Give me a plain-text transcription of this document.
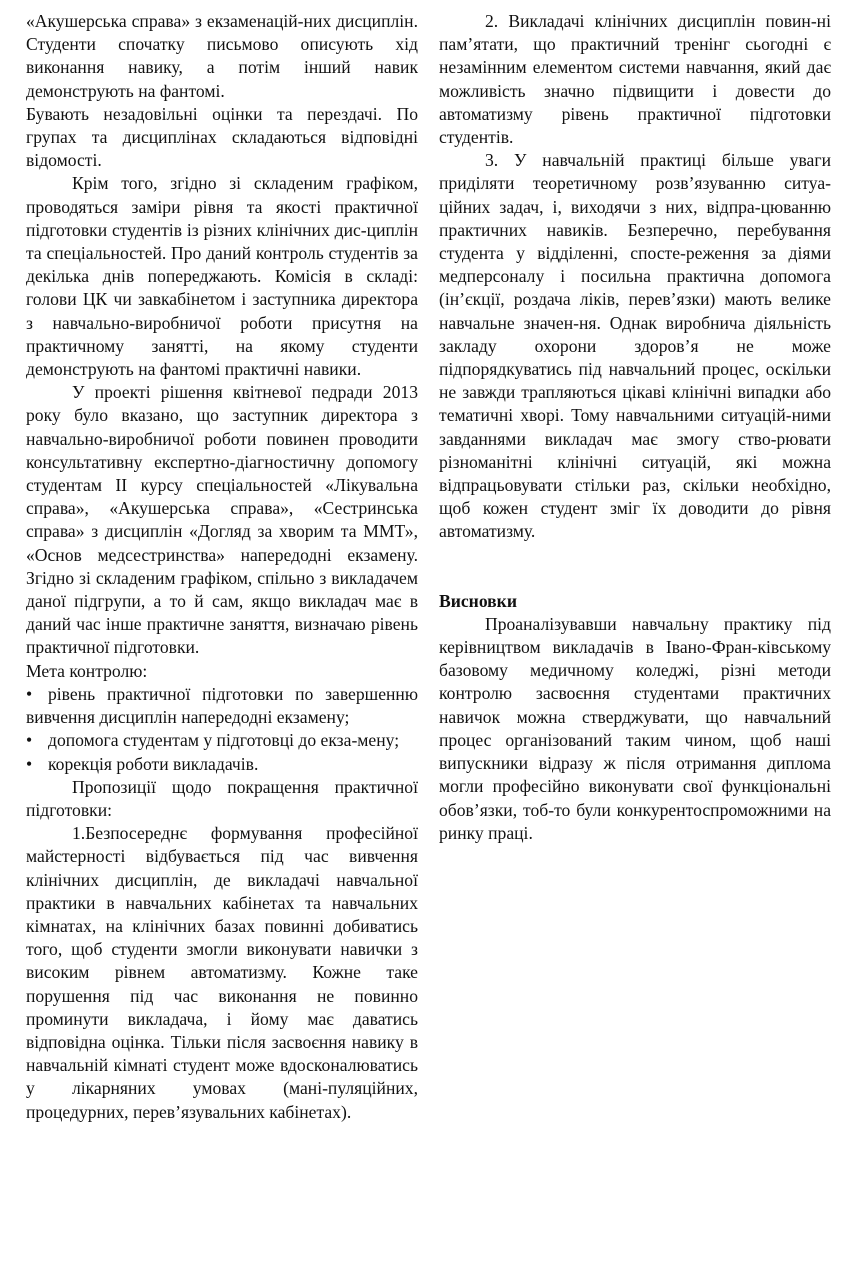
«Акушерська справа» з екзаменацій-них дисциплін. Студенти спочатку письмово описують хід виконання навику, а потім інший навик демонструють на фантомі.

Бувають незадовільні оцінки та перездачі. По групах та дисциплінах складаються відповідні відомості.

Крім того, згідно зі складеним графіком, проводяться заміри рівня та якості практичної підготовки студентів із різних клінічних дис-циплін та спеціальностей. Про даний контроль студентів за декілька днів попереджають. Комісія в складі: голови ЦК чи завкабінетом і заступника директора з навчально-виробничої роботи присутня на практичному занятті, на якому студенти демонструють на фантомі практичні навики.

У проекті рішення квітневої педради 2013 року було вказано, що заступник директора з навчально-виробничої роботи повинен проводити консультативну експертно-діагностичну допомогу студентам II курсу спеціальностей «Лікувальна справа», «Акушерська справа», «Сестринська справа» з дисциплін «Догляд за хворим та ММТ», «Основ медсестринства» напередодні екзамену. Згідно зі складеним графіком, спільно з викладачем даної підгрупи, а то й сам, якщо викладач має в даний час інше практичне заняття, визначаю рівень практичної підготовки.

Мета контролю:

• рівень практичної підготовки по завершенню вивчення дисциплін напередодні екзамену;

• допомога студентам у підготовці до екза-мену;

• корекція роботи викладачів.

Пропозиції щодо покращення практичної підготовки:

1.Безпосереднє формування професійної майстерності відбувається під час вивчення клінічних дисциплін, де викладачі навчальної практики в навчальних кабінетах та навчальних кімнатах, на клінічних базах повинні добиватись того, щоб студенти змогли виконувати навички з високим рівнем автоматизму. Кожне таке порушення під час виконання не повинно проминути викладача, і йому має даватись відповідна оцінка. Тільки після засвоєння навику в навчальній кімнаті студент може вдосконалюватись у лікарняних умовах (мані-пуляційних, процедурних, перев’язувальних кабінетах).

2. Викладачі клінічних дисциплін повин-ні пам’ятати, що практичний тренінг сьогодні є незамінним елементом системи навчання, який дає можливість значно підвищити і довести до автоматизму рівень практичної підготовки студентів.

3. У навчальній практиці більше уваги приділяти теоретичному розв’язуванню ситуа-ційних задач, і, виходячи з них, відпра-цюванню практичних навиків. Безперечно, перебування студента у відділенні, спосте-реження за діями медперсоналу і посильна практична допомога (ін’єкції, роздача ліків, перев’язки) мають велике навчальне значен-ня. Однак виробнича діяльність закладу охорони здоров’я не може підпорядкуватись під навчальний процес, оскільки не завжди трапляються цікаві клінічні випадки або тематичні хворі. Тому навчальними ситуацій-ними завданнями викладач має змогу ство-рювати різноманітні клінічні ситуацій, які можна відпрацьовувати стільки раз, скільки необхідно, щоб кожен студент зміг їх доводити до рівня автоматизму.

Висновки

Проаналізувавши навчальну практику під керівництвом викладачів в Івано-Фран-ківському базовому медичному коледжі, різні методи контролю засвоєння студентами практичних навичок можна стверджувати, що навчальний процес організований таким чином, щоб наші випускники відразу ж після отримання диплома могли професійно виконувати свої функціональні обов’язки, тоб-то були конкурентоспроможними на ринку праці.
